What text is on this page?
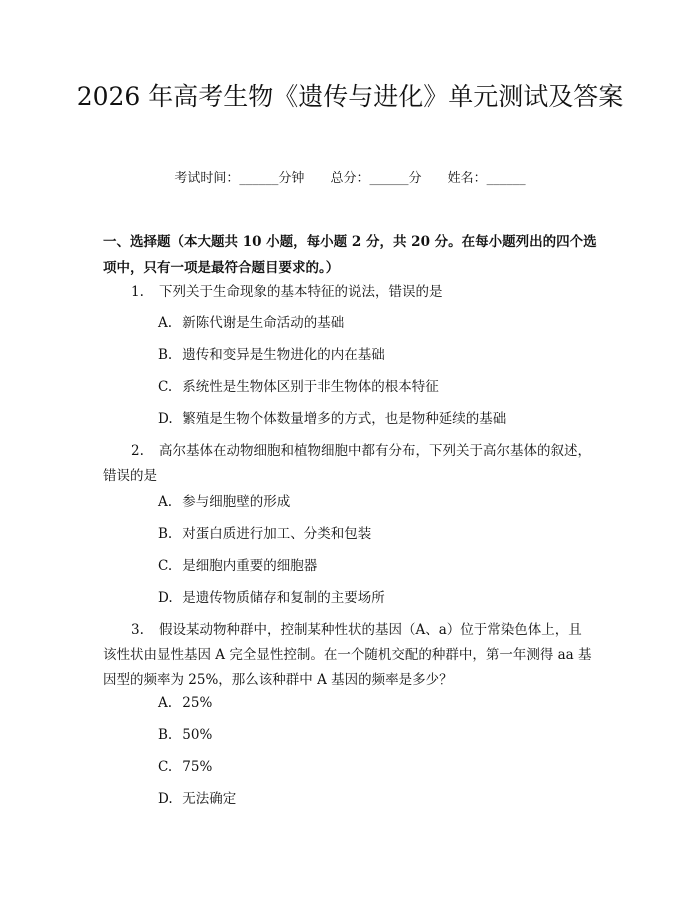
2026 年高考生物《遗传与进化》单元测试及答案
考试时间：______分钟 总分：______分 姓名：______
一、选择题（本大题共 10 小题，每小题 2 分，共 20 分。在每小题列出的四个选项中，只有一项是最符合题目要求的。）
1. 下列关于生命现象的基本特征的说法，错误的是
A. 新陈代谢是生命活动的基础
B. 遗传和变异是生物进化的内在基础
C. 系统性是生物体区别于非生物体的根本特征
D. 繁殖是生物个体数量增多的方式，也是物种延续的基础
2. 高尔基体在动物细胞和植物细胞中都有分布，下列关于高尔基体的叙述，错误的是
A. 参与细胞壁的形成
B. 对蛋白质进行加工、分类和包装
C. 是细胞内重要的细胞器
D. 是遗传物质储存和复制的主要场所
3. 假设某动物种群中，控制某种性状的基因（A、a）位于常染色体上，且该性状由显性基因 A 完全显性控制。在一个随机交配的种群中，第一年测得 aa 基因型的频率为 25%，那么该种群中 A 基因的频率是多少？
A. 25%
B. 50%
C. 75%
D. 无法确定
